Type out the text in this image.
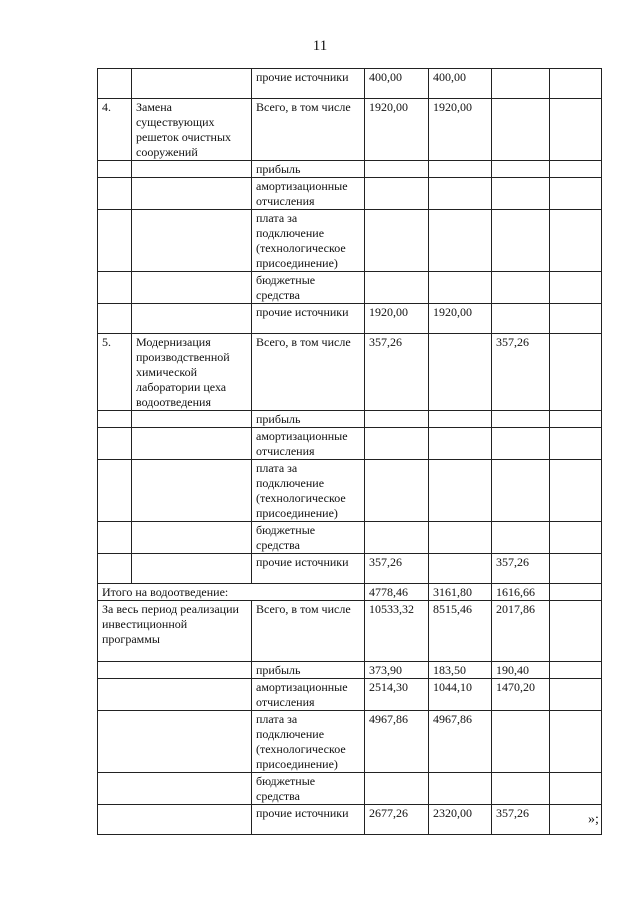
11
		прочие источники	400,00	400,00		
4.	Замена существующих решеток очистных сооружений	Всего, в том числе	1920,00	1920,00		
		прибыль				
		амортизационные отчисления				
		плата за подключение (технологическое присоединение)				
		бюджетные средства				
		прочие источники	1920,00	1920,00		
5.	Модернизация производственной химической лаборатории цеха водоотведения	Всего, в том числе	357,26		357,26	
		прибыль				
		амортизационные отчисления				
		плата за подключение (технологическое присоединение)				
		бюджетные средства				
		прочие источники	357,26		357,26	
Итого на водоотведение:			4778,46	3161,80	1616,66	
За весь период реализации инвестиционной программы		Всего, в том числе	10533,32	8515,46	2017,86	
		прибыль	373,90	183,50	190,40	
		амортизационные отчисления	2514,30	1044,10	1470,20	
		плата за подключение (технологическое присоединение)	4967,86	4967,86		
		бюджетные средства				
		прочие источники	2677,26	2320,00	357,26		»;
